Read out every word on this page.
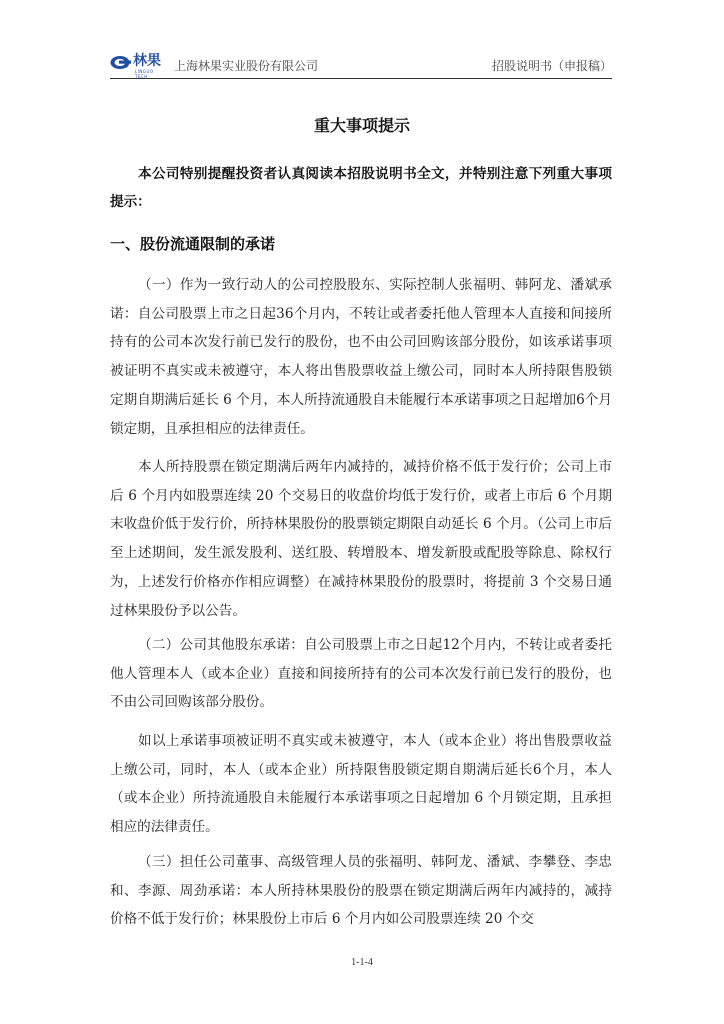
林果
LINGUO TECH
上海林果实业股份有限公司	招股说明书（申报稿）
重大事项提示

本公司特别提醒投资者认真阅读本招股说明书全文，并特别注意下列重大事项提示：

一、股份流通限制的承诺

（一）作为一致行动人的公司控股股东、实际控制人张福明、韩阿龙、潘斌承诺：自公司股票上市之日起36个月内，不转让或者委托他人管理本人直接和间接所持有的公司本次发行前已发行的股份，也不由公司回购该部分股份，如该承诺事项被证明不真实或未被遵守，本人将出售股票收益上缴公司，同时本人所持限售股锁定期自期满后延长 6 个月，本人所持流通股自未能履行本承诺事项之日起增加6个月锁定期，且承担相应的法律责任。

本人所持股票在锁定期满后两年内减持的，减持价格不低于发行价；公司上市后 6 个月内如股票连续 20 个交易日的收盘价均低于发行价，或者上市后 6 个月期末收盘价低于发行价，所持林果股份的股票锁定期限自动延长 6 个月。（公司上市后至上述期间，发生派发股利、送红股、转增股本、增发新股或配股等除息、除权行为，上述发行价格亦作相应调整）在减持林果股份的股票时，将提前 3 个交易日通过林果股份予以公告。

（二）公司其他股东承诺：自公司股票上市之日起12个月内，不转让或者委托他人管理本人（或本企业）直接和间接所持有的公司本次发行前已发行的股份，也不由公司回购该部分股份。

如以上承诺事项被证明不真实或未被遵守，本人（或本企业）将出售股票收益上缴公司，同时，本人（或本企业）所持限售股锁定期自期满后延长6个月，本人（或本企业）所持流通股自未能履行本承诺事项之日起增加 6 个月锁定期，且承担相应的法律责任。

（三）担任公司董事、高级管理人员的张福明、韩阿龙、潘斌、李攀登、李忠和、李源、周劲承诺：本人所持林果股份的股票在锁定期满后两年内减持的，减持价格不低于发行价；林果股份上市后 6 个月内如公司股票连续 20 个交

1-1-4
